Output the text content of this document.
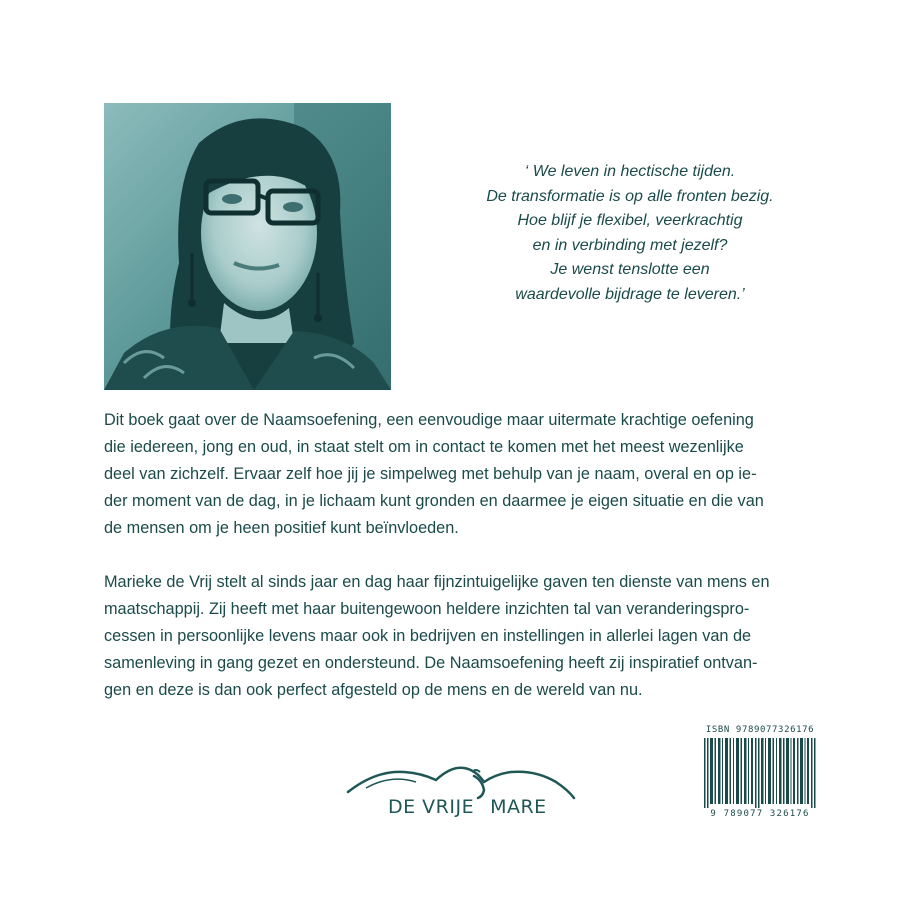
‘ We leven in hectische tijden.
De transformatie is op alle fronten bezig.
Hoe blijf je flexibel, veerkrachtig
en in verbinding met jezelf?
Je wenst tenslotte een
waardevolle bijdrage te leveren.’
Dit boek gaat over de Naamsoefening, een eenvoudige maar uitermate krachtige oefening
die iedereen, jong en oud, in staat stelt om in contact te komen met het meest wezenlijke
deel van zichzelf. Ervaar zelf hoe jij je simpelweg met behulp van je naam, overal en op ie-
der moment van de dag, in je lichaam kunt gronden en daarmee je eigen situatie en die van
de mensen om je heen positief kunt beïnvloeden.
Marieke de Vrij stelt al sinds jaar en dag haar fijnzintuigelijke gaven ten dienste van mens en
maatschappij. Zij heeft met haar buitengewoon heldere inzichten tal van veranderingspro-
cessen in persoonlijke levens maar ook in bedrijven en instellingen in allerlei lagen van de
samenleving in gang gezet en ondersteund. De Naamsoefening heeft zij inspiratief ontvan-
gen en deze is dan ook perfect afgesteld op de mens en de wereld van nu.
DE VRIJE MARE
ISBN 9789077326176
9 789077 326176
